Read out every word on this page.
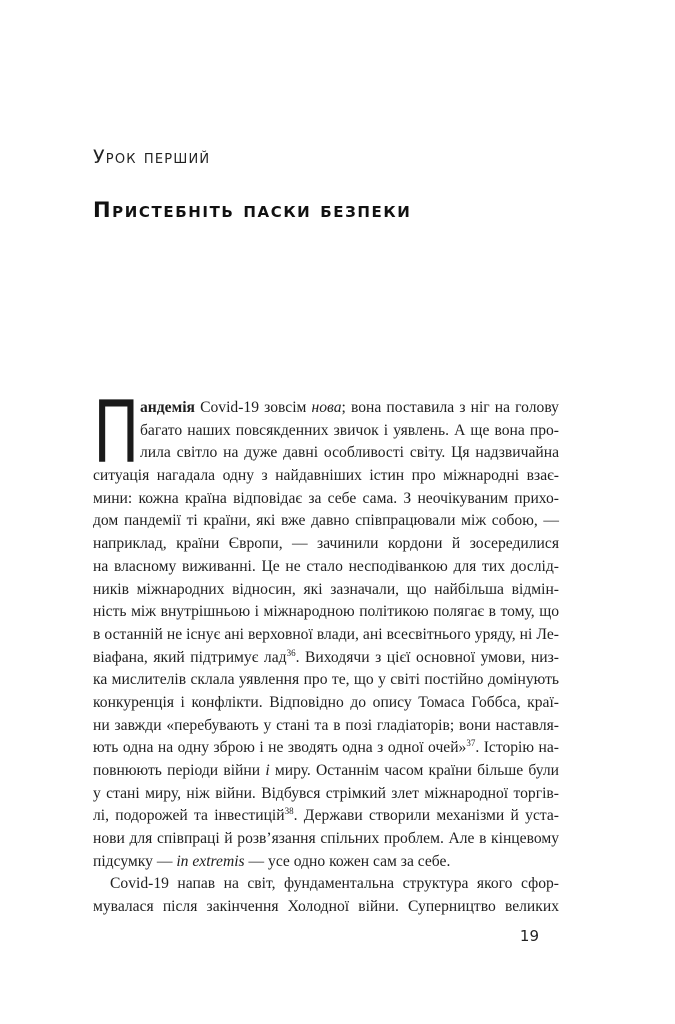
Урок перший
Пристебніть паски безпеки
П андемія Covid-19 зовсім нова; вона поставила з ніг на голову
багато наших повсякденних звичок і уявлень. А ще вона про-
лила світло на дуже давні особливості світу. Ця надзвичайна
ситуація нагадала одну з найдавніших істин про міжнародні взає-
мини: кожна країна відповідає за себе сама. З неочікуваним прихо-
дом пандемії ті країни, які вже давно співпрацювали між собою, —
наприклад, країни Європи, — зачинили кордони й зосередилися
на власному виживанні. Це не стало несподіванкою для тих дослід-
ників міжнародних відносин, які зазначали, що найбільша відмін-
ність між внутрішньою і міжнародною політикою полягає в тому, що
в останній не існує ані верховної влади, ані всесвітнього уряду, ні Ле-
віафана, який підтримує лад$^{36}$. Виходячи з цієї основної умови, низ-
ка мислителів склала уявлення про те, що у світі постійно домінують
конкуренція і конфлікти. Відповідно до опису Томаса Гоббса, краї-
ни завжди «перебувають у стані та в позі гладіаторів; вони наставля-
ють одна на одну зброю і не зводять одна з одної очей»$^{37}$. Історію на-
повнюють періоди війни і миру. Останнім часом країни більше були
у стані миру, ніж війни. Відбувся стрімкий злет міжнародної торгів-
лі, подорожей та інвестицій$^{38}$. Держави створили механізми й уста-
нови для співпраці й розв’язання спільних проблем. Але в кінцевому
підсумку — in extremis — усе одно кожен сам за себе.
Covid-19 напав на світ, фундаментальна структура якого сфор-
мувалася після закінчення Холодної війни. Суперництво великих
19
